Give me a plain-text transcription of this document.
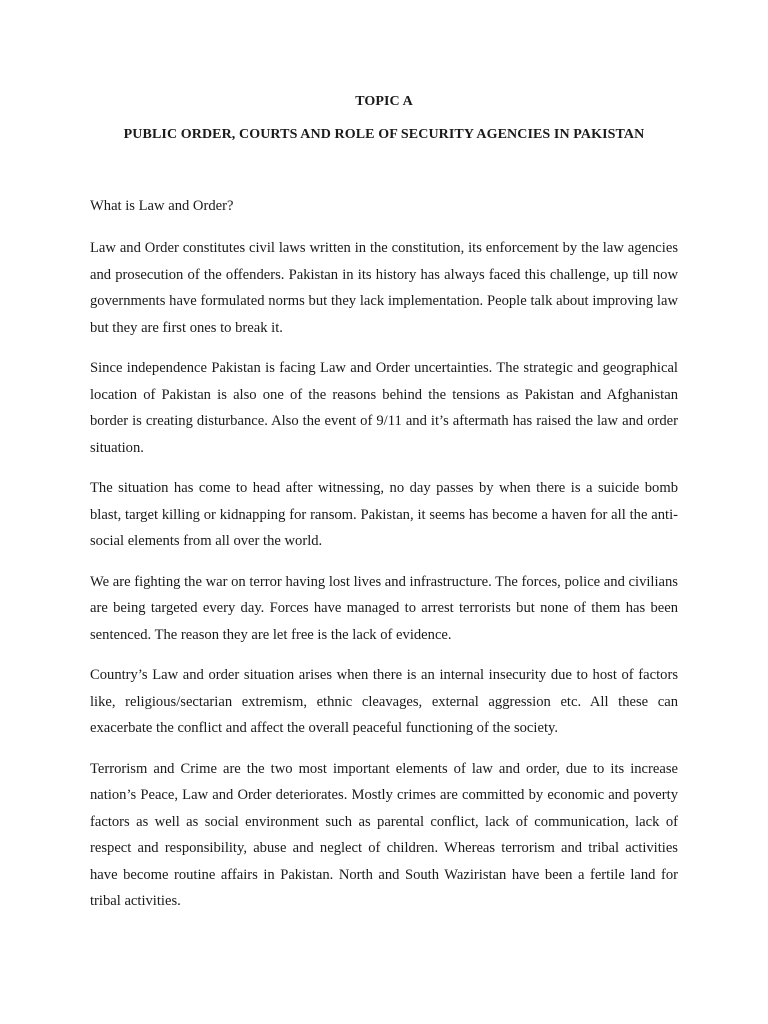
TOPIC A
PUBLIC ORDER, COURTS AND ROLE OF SECURITY AGENCIES IN PAKISTAN
What is Law and Order?

Law and Order constitutes civil laws written in the constitution, its enforcement by the law agencies and prosecution of the offenders. Pakistan in its history has always faced this challenge, up till now governments have formulated norms but they lack implementation. People talk about improving law but they are first ones to break it.

Since independence Pakistan is facing Law and Order uncertainties. The strategic and geographical location of Pakistan is also one of the reasons behind the tensions as Pakistan and Afghanistan border is creating disturbance. Also the event of 9/11 and it’s aftermath has raised the law and order situation.

The situation has come to head after witnessing, no day passes by when there is a suicide bomb blast, target killing or kidnapping for ransom. Pakistan, it seems has become a haven for all the anti-social elements from all over the world.

We are fighting the war on terror having lost lives and infrastructure. The forces, police and civilians are being targeted every day. Forces have managed to arrest terrorists but none of them has been sentenced. The reason they are let free is the lack of evidence.

Country’s Law and order situation arises when there is an internal insecurity due to host of factors like, religious/sectarian extremism, ethnic cleavages, external aggression etc. All these can exacerbate the conflict and affect the overall peaceful functioning of the society.

Terrorism and Crime are the two most important elements of law and order, due to its increase nation’s Peace, Law and Order deteriorates. Mostly crimes are committed by economic and poverty factors as well as social environment such as parental conflict, lack of communication, lack of respect and responsibility, abuse and neglect of children. Whereas terrorism and tribal activities have become routine affairs in Pakistan. North and South Waziristan have been a fertile land for tribal activities.
